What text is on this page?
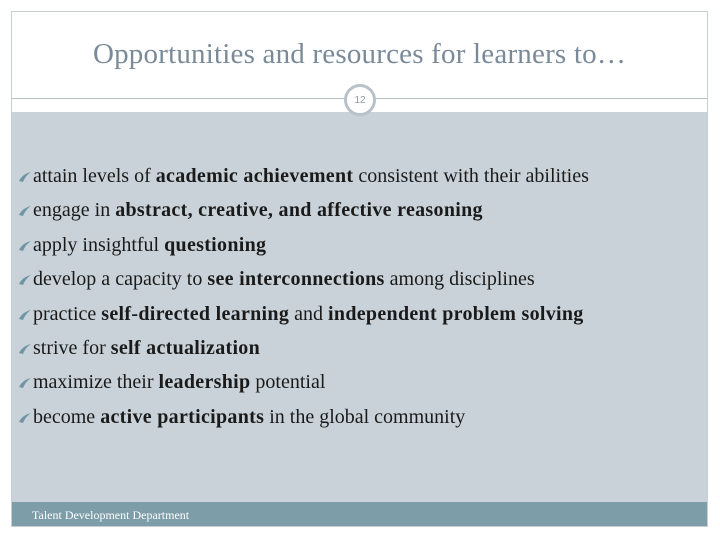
Opportunities and resources for learners to…
12
attain levels of academic achievement consistent with their abilities
engage in abstract, creative, and affective reasoning
apply insightful questioning
develop a capacity to see interconnections among disciplines
practice self-directed learning and independent problem solving
strive for self actualization
maximize their leadership potential
become active participants in the global community
Talent Development Department
